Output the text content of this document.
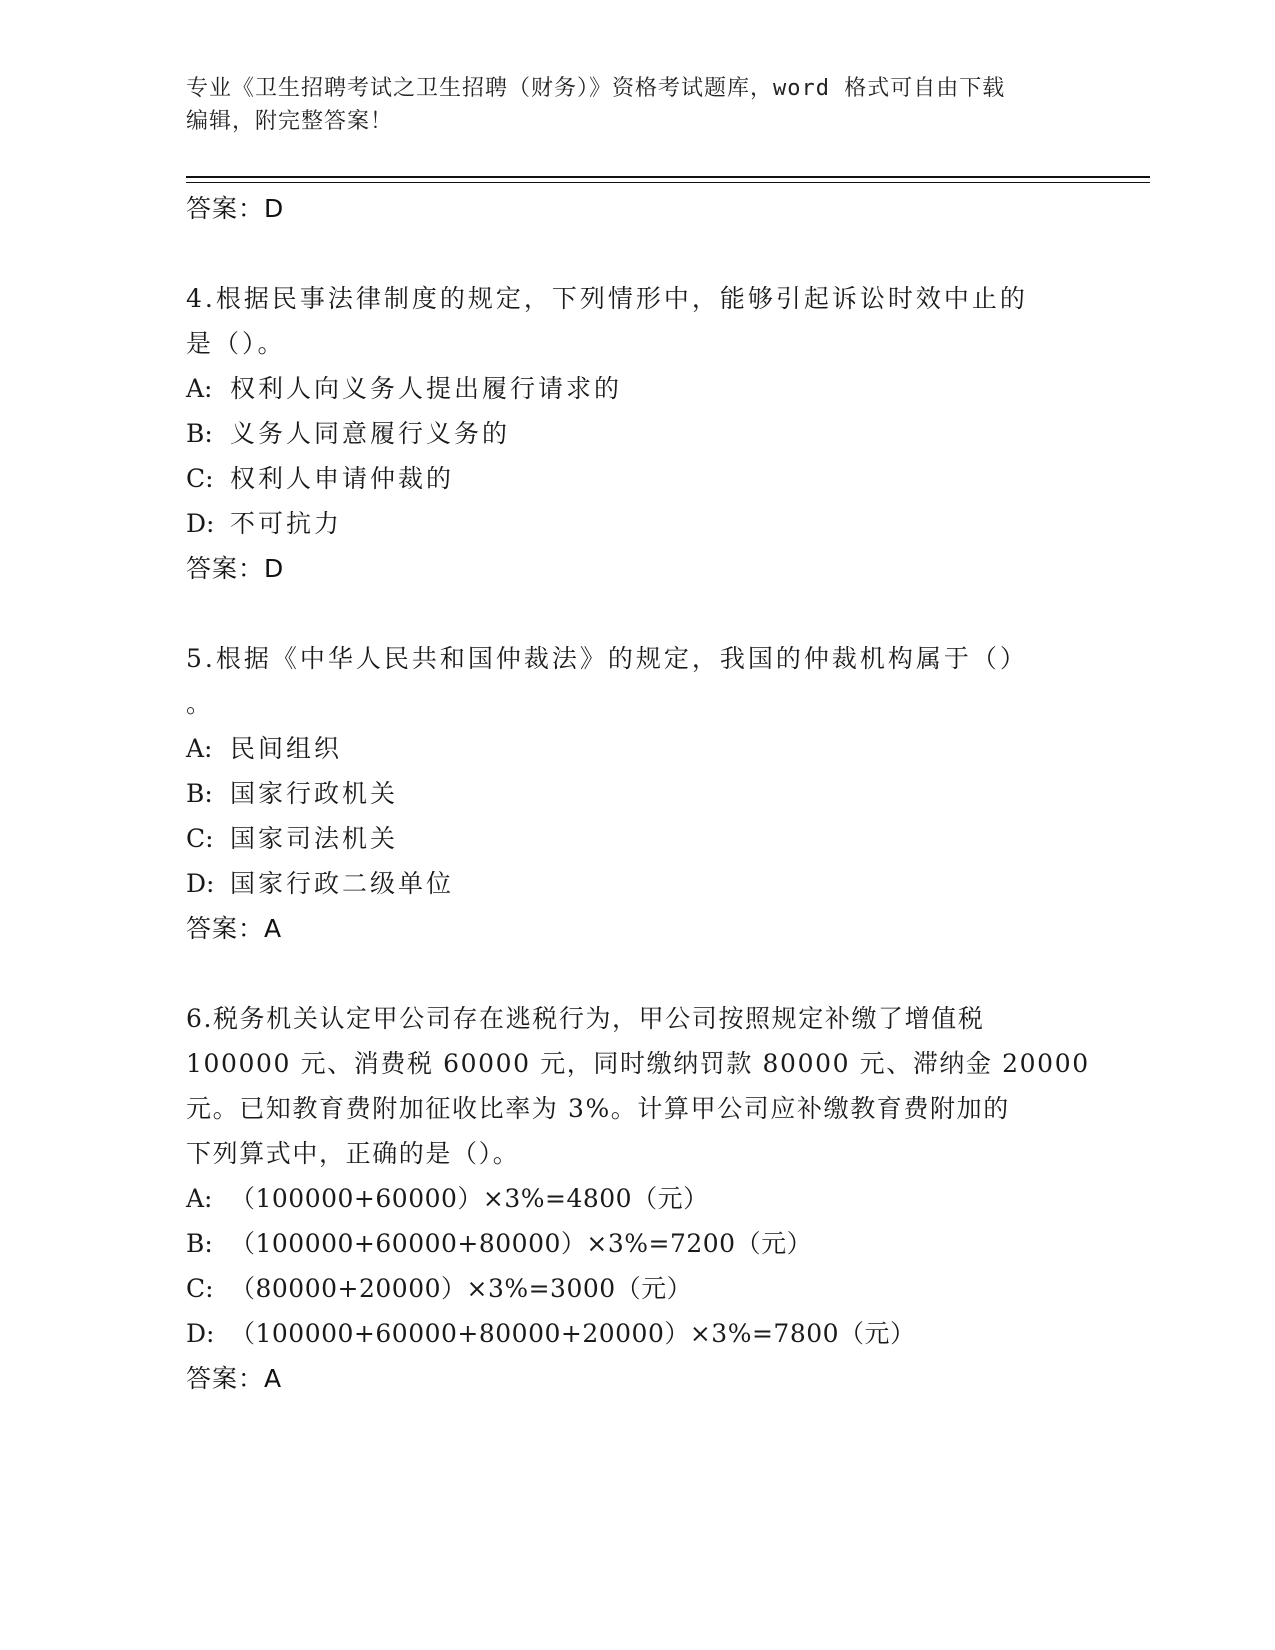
专业《卫生招聘考试之卫生招聘（财务）》资格考试题库，word 格式可自由下载
编辑，附完整答案！
答案：D
4.根据民事法律制度的规定，下列情形中，能够引起诉讼时效中止的
是（）。
A: 权利人向义务人提出履行请求的
B: 义务人同意履行义务的
C: 权利人申请仲裁的
D: 不可抗力
答案：D
5.根据《中华人民共和国仲裁法》的规定，我国的仲裁机构属于（）
。
A: 民间组织
B: 国家行政机关
C: 国家司法机关
D: 国家行政二级单位
答案：A
6.税务机关认定甲公司存在逃税行为，甲公司按照规定补缴了增值税
100000 元、消费税 60000 元，同时缴纳罚款 80000 元、滞纳金 20000
元。已知教育费附加征收比率为 3%。计算甲公司应补缴教育费附加的
下列算式中，正确的是（）。
A: （100000+60000）×3%=4800（元）
B: （100000+60000+80000）×3%=7200（元）
C: （80000+20000）×3%=3000（元）
D: （100000+60000+80000+20000）×3%=7800（元）
答案：A
